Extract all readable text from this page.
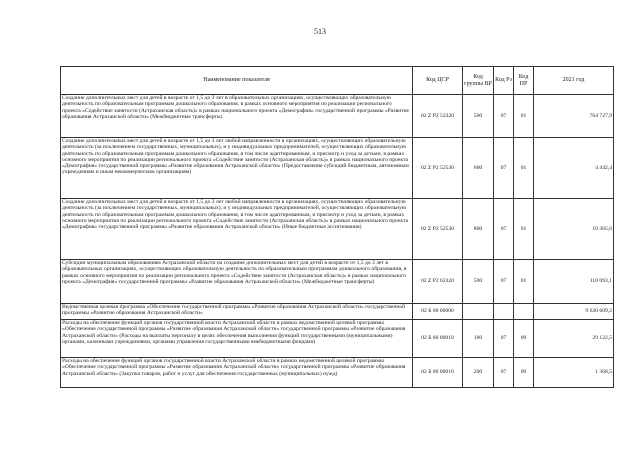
513
Наименование показателя	Код ЦСР	Код группы ВР	Код Рз	Код ПР	2021 год
Создание дополнительных мест для детей в возрасте от 1,5 до 3 лет в образовательных организациях, осуществляющих образовательную деятельность по образовательным программам дошкольного образования, в рамках основного мероприятия по реализации регионального проекта «Содействие занятости (Астраханская область)» в рамках национального проекта «Демография» государственной программы «Развитие образования Астраханской области» (Межбюджетные трансферты)	02 Z P2 52320	500	07	01	764 727,9
Создание дополнительных мест для детей в возрасте от 1,5 до 3 лет любой направленности в организациях, осуществляющих образовательную деятельность (за исключением государственных, муниципальных), и у индивидуальных предпринимателей, осуществляющих образовательную деятельность по образовательным программам дошкольного образования, в том числе адаптированным, и присмотр и уход за детьми, в рамках основного мероприятия по реализации регионального проекта «Содействие занятости (Астраханская область)» в рамках национального проекта «Демография» государственной программы «Развитие образования Астраханской области» (Предоставление субсидий бюджетным, автономным учреждениям и иным некоммерческим организациям)	02 Z P2 52530	600	07	01	4 442,4
Создание дополнительных мест для детей в возрасте от 1,5 до 3 лет любой направленности в организациях, осуществляющих образовательную деятельность (за исключением государственных, муниципальных), и у индивидуальных предпринимателей, осуществляющих образовательную деятельность по образовательным программам дошкольного образования, в том числе адаптированным, и присмотр и уход за детьми, в рамках основного мероприятия по реализации регионального проекта «Содействие занятости (Астраханская область)» в рамках национального проекта «Демография» государственной программы «Развитие образования Астраханской области» (Иные бюджетные ассигнования)	02 Z P2 52530	800	07	01	10 365,6
Субсидии муниципальным образованиям Астраханской области на создание дополнительных мест для детей в возрасте от 1,5 до 3 лет в образовательных организациях, осуществляющих образовательную деятельность по образовательным программам дошкольного образования, в рамках основного мероприятия по реализации регионального проекта «Содействие занятости (Астраханская область)» в рамках национального проекта «Демография» государственной программы «Развитие образования Астраханской области» (Межбюджетные трансферты)	02 Z P2 62320	500	07	01	110 093,1
Ведомственная целевая программа «Обеспечение государственной программы «Развитие образования Астраханской области» государственной программы «Развитие образования Астраханской области»	02 Б 00 00000				9 630 609,2
Расходы на обеспечение функций органов государственной власти Астраханской области в рамках ведомственной целевой программы «Обеспечение государственной программы «Развитие образования Астраханской области» государственной программы «Развитие образования Астраханской области» (Расходы на выплаты персоналу в целях обеспечения выполнения функций государственными (муниципальными) органами, казенными учреждениями, органами управления государственными внебюджетными фондами)	02 Б 00 00010	100	07	09	29 122,5
Расходы на обеспечение функций органов государственной власти Астраханской области в рамках ведомственной целевой программы «Обеспечение государственной программы «Развитие образования Астраханской области» государственной программы «Развитие образования Астраханской области» (Закупка товаров, работ и услуг для обеспечения государственных (муниципальных) нужд)	02 Б 00 00010	200	07	09	1 368,5
